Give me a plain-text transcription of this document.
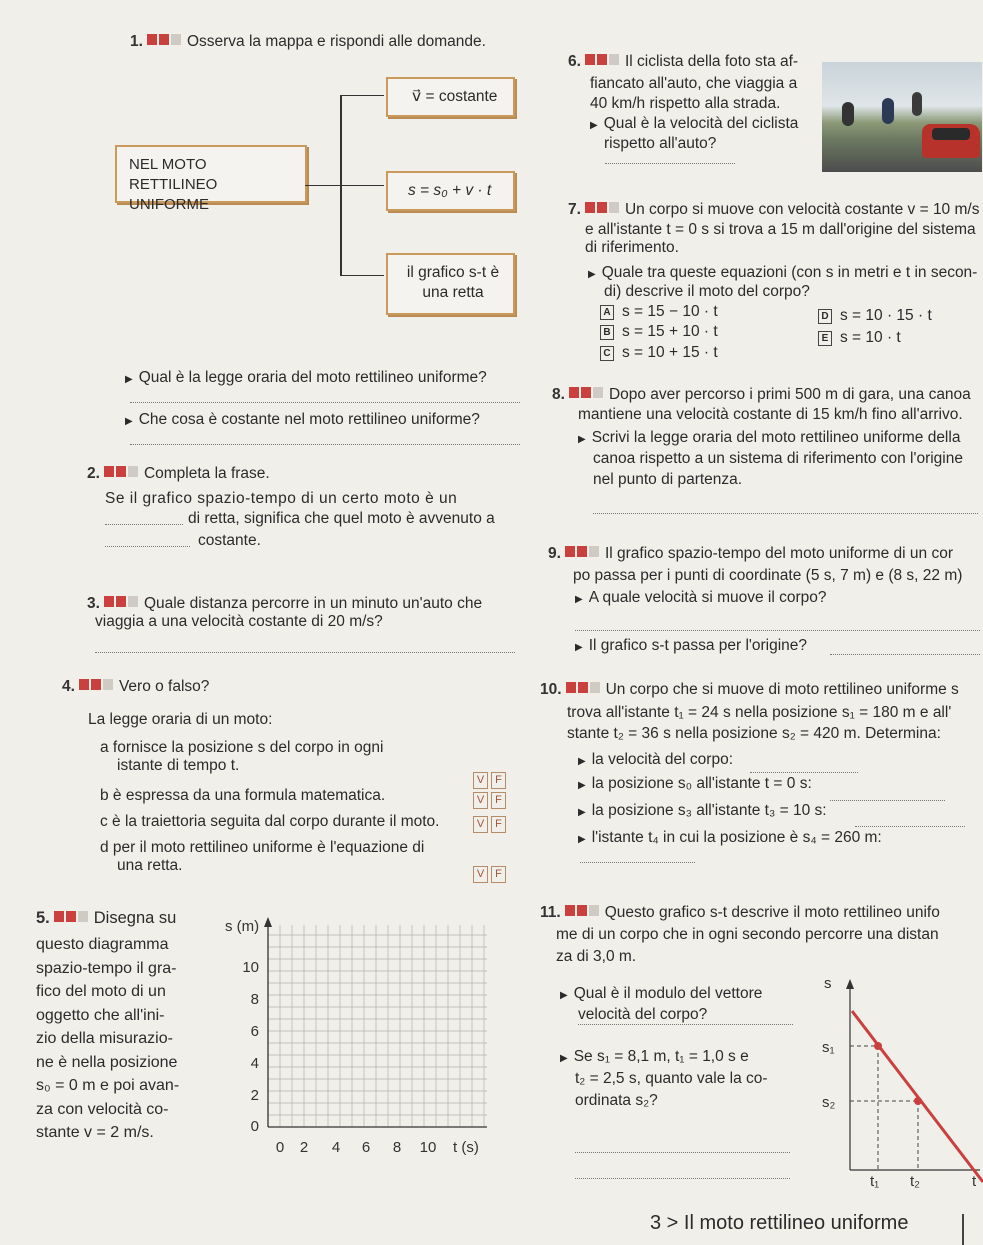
1.	Osserva la mappa e rispondi alle domande.
NEL MOTO RETTILINEO UNIFORME
v⃗ = costante
s = s₀ + v · t
il grafico s-t è una retta
▶ Qual è la legge oraria del moto rettilineo uniforme?
▶ Che cosa è costante nel moto rettilineo uniforme?
2.	Completa la frase.
Se il grafico spazio-tempo di un certo moto è un
di retta, significa che quel moto è avvenuto a
costante.
3.	Quale distanza percorre in un minuto un'auto che
viaggia a una velocità costante di 20 m/s?
4.	Vero o falso?
La legge oraria di un moto:
a fornisce la posizione s del corpo in ogni
istante di tempo t.
V F
b è espressa da una formula matematica.	V F
c è la traiettoria seguita dal corpo durante il moto.	V F
d per il moto rettilineo uniforme è l'equazione di
una retta.	V F
5.	Disegna su
questo diagramma
spazio-tempo il gra-
fico del moto di un
oggetto che all'ini-
zio della misurazio-
ne è nella posizione
s₀ = 0 m e poi avan-
za con velocità co-
stante v = 2 m/s.
s (m)
10
8
6
4
2
0
0 2 4 6 8 10 t (s)
6.	Il ciclista della foto sta af-
fiancato all'auto, che viaggia a
40 km/h rispetto alla strada.
▶ Qual è la velocità del ciclista
rispetto all'auto?
7.	Un corpo si muove con velocità costante v = 10 m/s
e all'istante t = 0 s si trova a 15 m dall'origine del sistema
di riferimento.
▶ Quale tra queste equazioni (con s in metri e t in secon-
di) descrive il moto del corpo?
A s = 15 − 10 · t
B s = 15 + 10 · t
C s = 10 + 15 · t
D s = 10 · 15 · t
E s = 10 · t
8.	Dopo aver percorso i primi 500 m di gara, una canoa
mantiene una velocità costante di 15 km/h fino all'arrivo.
▶ Scrivi la legge oraria del moto rettilineo uniforme della
canoa rispetto a un sistema di riferimento con l'origine
nel punto di partenza.
9.	Il grafico spazio-tempo del moto uniforme di un cor
po passa per i punti di coordinate (5 s, 7 m) e (8 s, 22 m)
▶ A quale velocità si muove il corpo?
▶ Il grafico s-t passa per l'origine?
10.	Un corpo che si muove di moto rettilineo uniforme s
trova all'istante t₁ = 24 s nella posizione s₁ = 180 m e all'
stante t₂ = 36 s nella posizione s₂ = 420 m. Determina:
▶ la velocità del corpo:
▶ la posizione s₀ all'istante t = 0 s:
▶ la posizione s₃ all'istante t₃ = 10 s:
▶ l'istante t₄ in cui la posizione è s₄ = 260 m:
11.	Questo grafico s-t descrive il moto rettilineo unifo
me di un corpo che in ogni secondo percorre una distan
za di 3,0 m.
▶ Qual è il modulo del vettore
velocità del corpo?
▶ Se s₁ = 8,1 m, t₁ = 1,0 s e
t₂ = 2,5 s, quanto vale la co-
ordinata s₂?
s
s₁
s₂
t₁ t₂	t
3 > Il moto rettilineo uniforme
